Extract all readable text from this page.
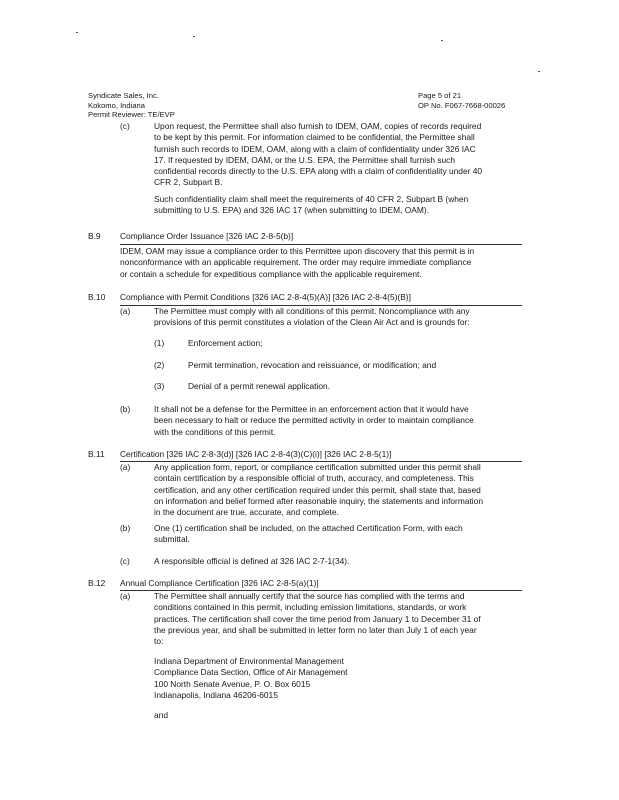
Syndicate Sales, Inc.
Kokomo, Indiana
Permit Reviewer: TE/EVP
Page 5 of 21
OP No. F067-7668-00026
(c)	Upon request, the Permittee shall also furnish to IDEM, OAM, copies of records required
to be kept by this permit. For information claimed to be confidential, the Permittee shall
furnish such records to IDEM, OAM, along with a claim of confidentiality under 326 IAC
17. If requested by IDEM, OAM, or the U.S. EPA, the Permittee shall furnish such
confidential records directly to the U.S. EPA along with a claim of confidentiality under 40
CFR 2, Subpart B.
Such confidentiality claim shall meet the requirements of 40 CFR 2, Subpart B (when
submitting to U.S. EPA) and 326 IAC 17 (when submitting to IDEM, OAM).
B.9 Compliance Order Issuance [326 IAC 2-8-5(b)]
IDEM, OAM may issue a compliance order to this Permittee upon discovery that this permit is in
nonconformance with an applicable requirement. The order may require immediate compliance
or contain a schedule for expeditious compliance with the applicable requirement.
B.10 Compliance with Permit Conditions [326 IAC 2-8-4(5)(A)] [326 IAC 2-8-4(5)(B)]
(a)	The Permittee must comply with all conditions of this permit. Noncompliance with any
provisions of this permit constitutes a violation of the Clean Air Act and is grounds for:
(1)	Enforcement action;
(2)	Permit termination, revocation and reissuance, or modification; and
(3)	Denial of a permit renewal application.
(b)	It shall not be a defense for the Permittee in an enforcement action that it would have
been necessary to halt or reduce the permitted activity in order to maintain compliance
with the conditions of this permit.
B.11 Certification [326 IAC 2-8-3(d)] [326 IAC 2-8-4(3)(C)(i)] [326 IAC 2-8-5(1)]
(a)	Any application form, report, or compliance certification submitted under this permit shall
contain certification by a responsible official of truth, accuracy, and completeness. This
certification, and any other certification required under this permit, shall state that, based
on information and belief formed after reasonable inquiry, the statements and information
in the document are true, accurate, and complete.
(b)	One (1) certification shall be included, on the attached Certification Form, with each
submittal.
(c)	A responsible official is defined at 326 IAC 2-7-1(34).
B.12 Annual Compliance Certification [326 IAC 2-8-5(a)(1)]
(a)	The Permittee shall annually certify that the source has complied with the terms and
conditions contained in this permit, including emission limitations, standards, or work
practices. The certification shall cover the time period from January 1 to December 31 of
the previous year, and shall be submitted in letter form no later than July 1 of each year
to:
Indiana Department of Environmental Management
Compliance Data Section, Office of Air Management
100 North Senate Avenue, P. O. Box 6015
Indianapolis, Indiana 46206-6015
and
